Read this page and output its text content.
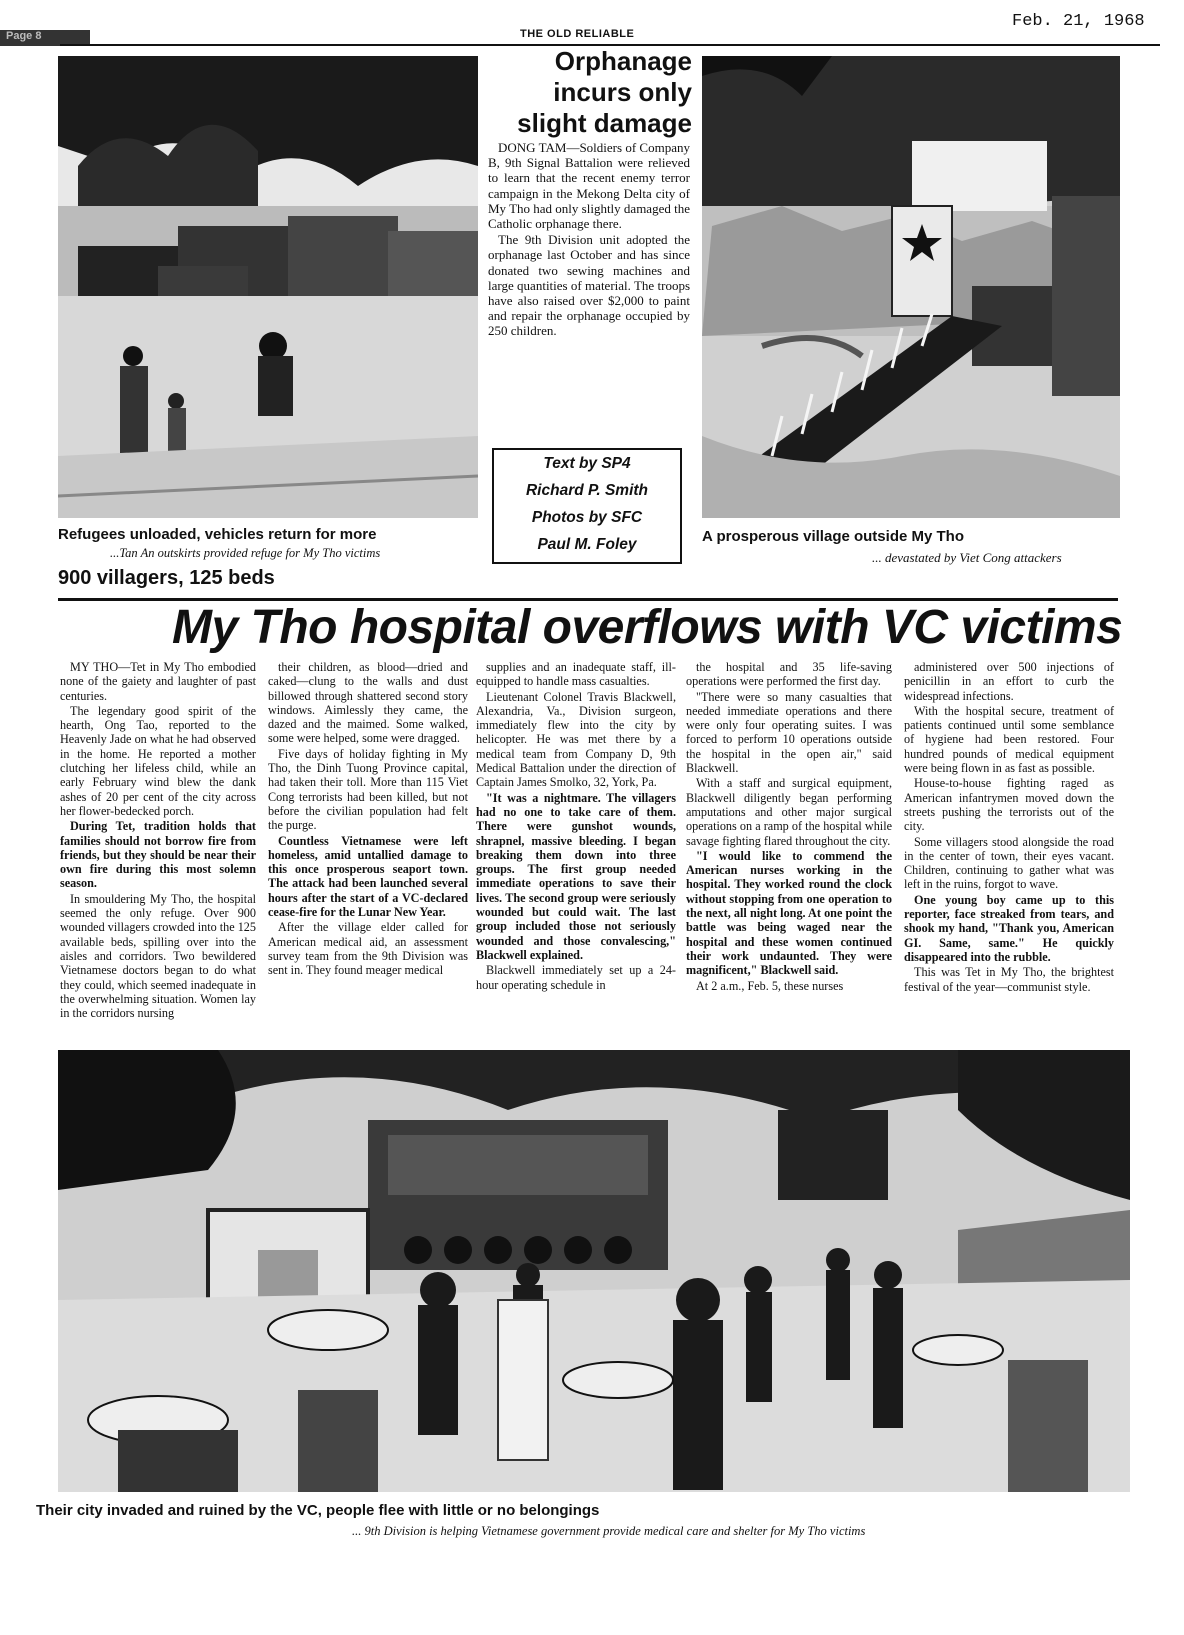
Page 8	THE OLD RELIABLE
Feb. 21, 1968
Refugees unloaded, vehicles return for more
...Tan An outskirts provided refuge for My Tho victims
Orphanage
incurs only
slight damage

DONG TAM—Soldiers of Company B, 9th Signal Battalion were relieved to learn that the recent enemy terror campaign in the Mekong Delta city of My Tho had only slightly damaged the Catholic orphanage there.

The 9th Division unit adopted the orphanage last October and has since donated two sewing machines and large quantities of material. The troops have also raised over $2,000 to paint and repair the orphanage occupied by 250 children.

Text by SP4
Richard P. Smith
Photos by SFC
Paul M. Foley	A prosperous village outside My Tho
... devastated by Viet Cong attackers
900 villagers, 125 beds
My Tho hospital overflows with VC victims

MY THO—Tet in My Tho embodied none of the gaiety and laughter of past centuries.

The legendary good spirit of the hearth, Ong Tao, reported to the Heavenly Jade on what he had observed in the home. He reported a mother clutching her lifeless child, while an early February wind blew the dank ashes of 20 per cent of the city across her flower-bedecked porch.

During Tet, tradition holds that families should not borrow fire from friends, but they should be near their own fire during this most solemn season.

In smouldering My Tho, the hospital seemed the only refuge. Over 900 wounded villagers crowded into the 125 available beds, spilling over into the aisles and corridors. Two bewildered Vietnamese doctors began to do what they could, which seemed inadequate in the overwhelming situation. Women lay in the corridors nursing

their children, as blood—dried and caked—clung to the walls and dust billowed through shattered second story windows. Aimlessly they came, the dazed and the maimed. Some walked, some were helped, some were dragged.

Five days of holiday fighting in My Tho, the Dinh Tuong Province capital, had taken their toll. More than 115 Viet Cong terrorists had been killed, but not before the civilian population had felt the purge.

Countless Vietnamese were left homeless, amid untallied damage to this once prosperous seaport town. The attack had been launched several hours after the start of a VC-declared cease-fire for the Lunar New Year.

After the village elder called for American medical aid, an assessment survey team from the 9th Division was sent in. They found meager medical

supplies and an inadequate staff, ill-equipped to handle mass casualties.

Lieutenant Colonel Travis Blackwell, Alexandria, Va., Division surgeon, immediately flew into the city by helicopter. He was met there by a medical team from Company D, 9th Medical Battalion under the direction of Captain James Smolko, 32, York, Pa.

"It was a nightmare. The villagers had no one to take care of them. There were gunshot wounds, shrapnel, massive bleeding. I began breaking them down into three groups. The first group needed immediate operations to save their lives. The second group were seriously wounded but could wait. The last group included those not seriously wounded and those convalescing," Blackwell explained.

Blackwell immediately set up a 24-hour operating schedule in

the hospital and 35 life-saving operations were performed the first day.

"There were so many casualties that needed immediate operations and there were only four operating suites. I was forced to perform 10 operations outside the hospital in the open air," said Blackwell.

With a staff and surgical equipment, Blackwell diligently began performing amputations and other major surgical operations on a ramp of the hospital while savage fighting flared throughout the city.

"I would like to commend the American nurses working in the hospital. They worked round the clock without stopping from one operation to the next, all night long. At one point the battle was being waged near the hospital and these women continued their work undaunted. They were magnificent," Blackwell said.

At 2 a.m., Feb. 5, these nurses

administered over 500 injections of penicillin in an effort to curb the widespread infections.

With the hospital secure, treatment of patients continued until some semblance of hygiene had been restored. Four hundred pounds of medical equipment were being flown in as fast as possible.

House-to-house fighting raged as American infantrymen moved down the streets pushing the terrorists out of the city.

Some villagers stood alongside the road in the center of town, their eyes vacant. Children, continuing to gather what was left in the ruins, forgot to wave.

One young boy came up to this reporter, face streaked from tears, and shook my hand, "Thank you, American GI. Same, same." He quickly disappeared into the rubble.

This was Tet in My Tho, the brightest festival of the year—communist style.

Their city invaded and ruined by the VC, people flee with little or no belongings
... 9th Division is helping Vietnamese government provide medical care and shelter for My Tho victims
